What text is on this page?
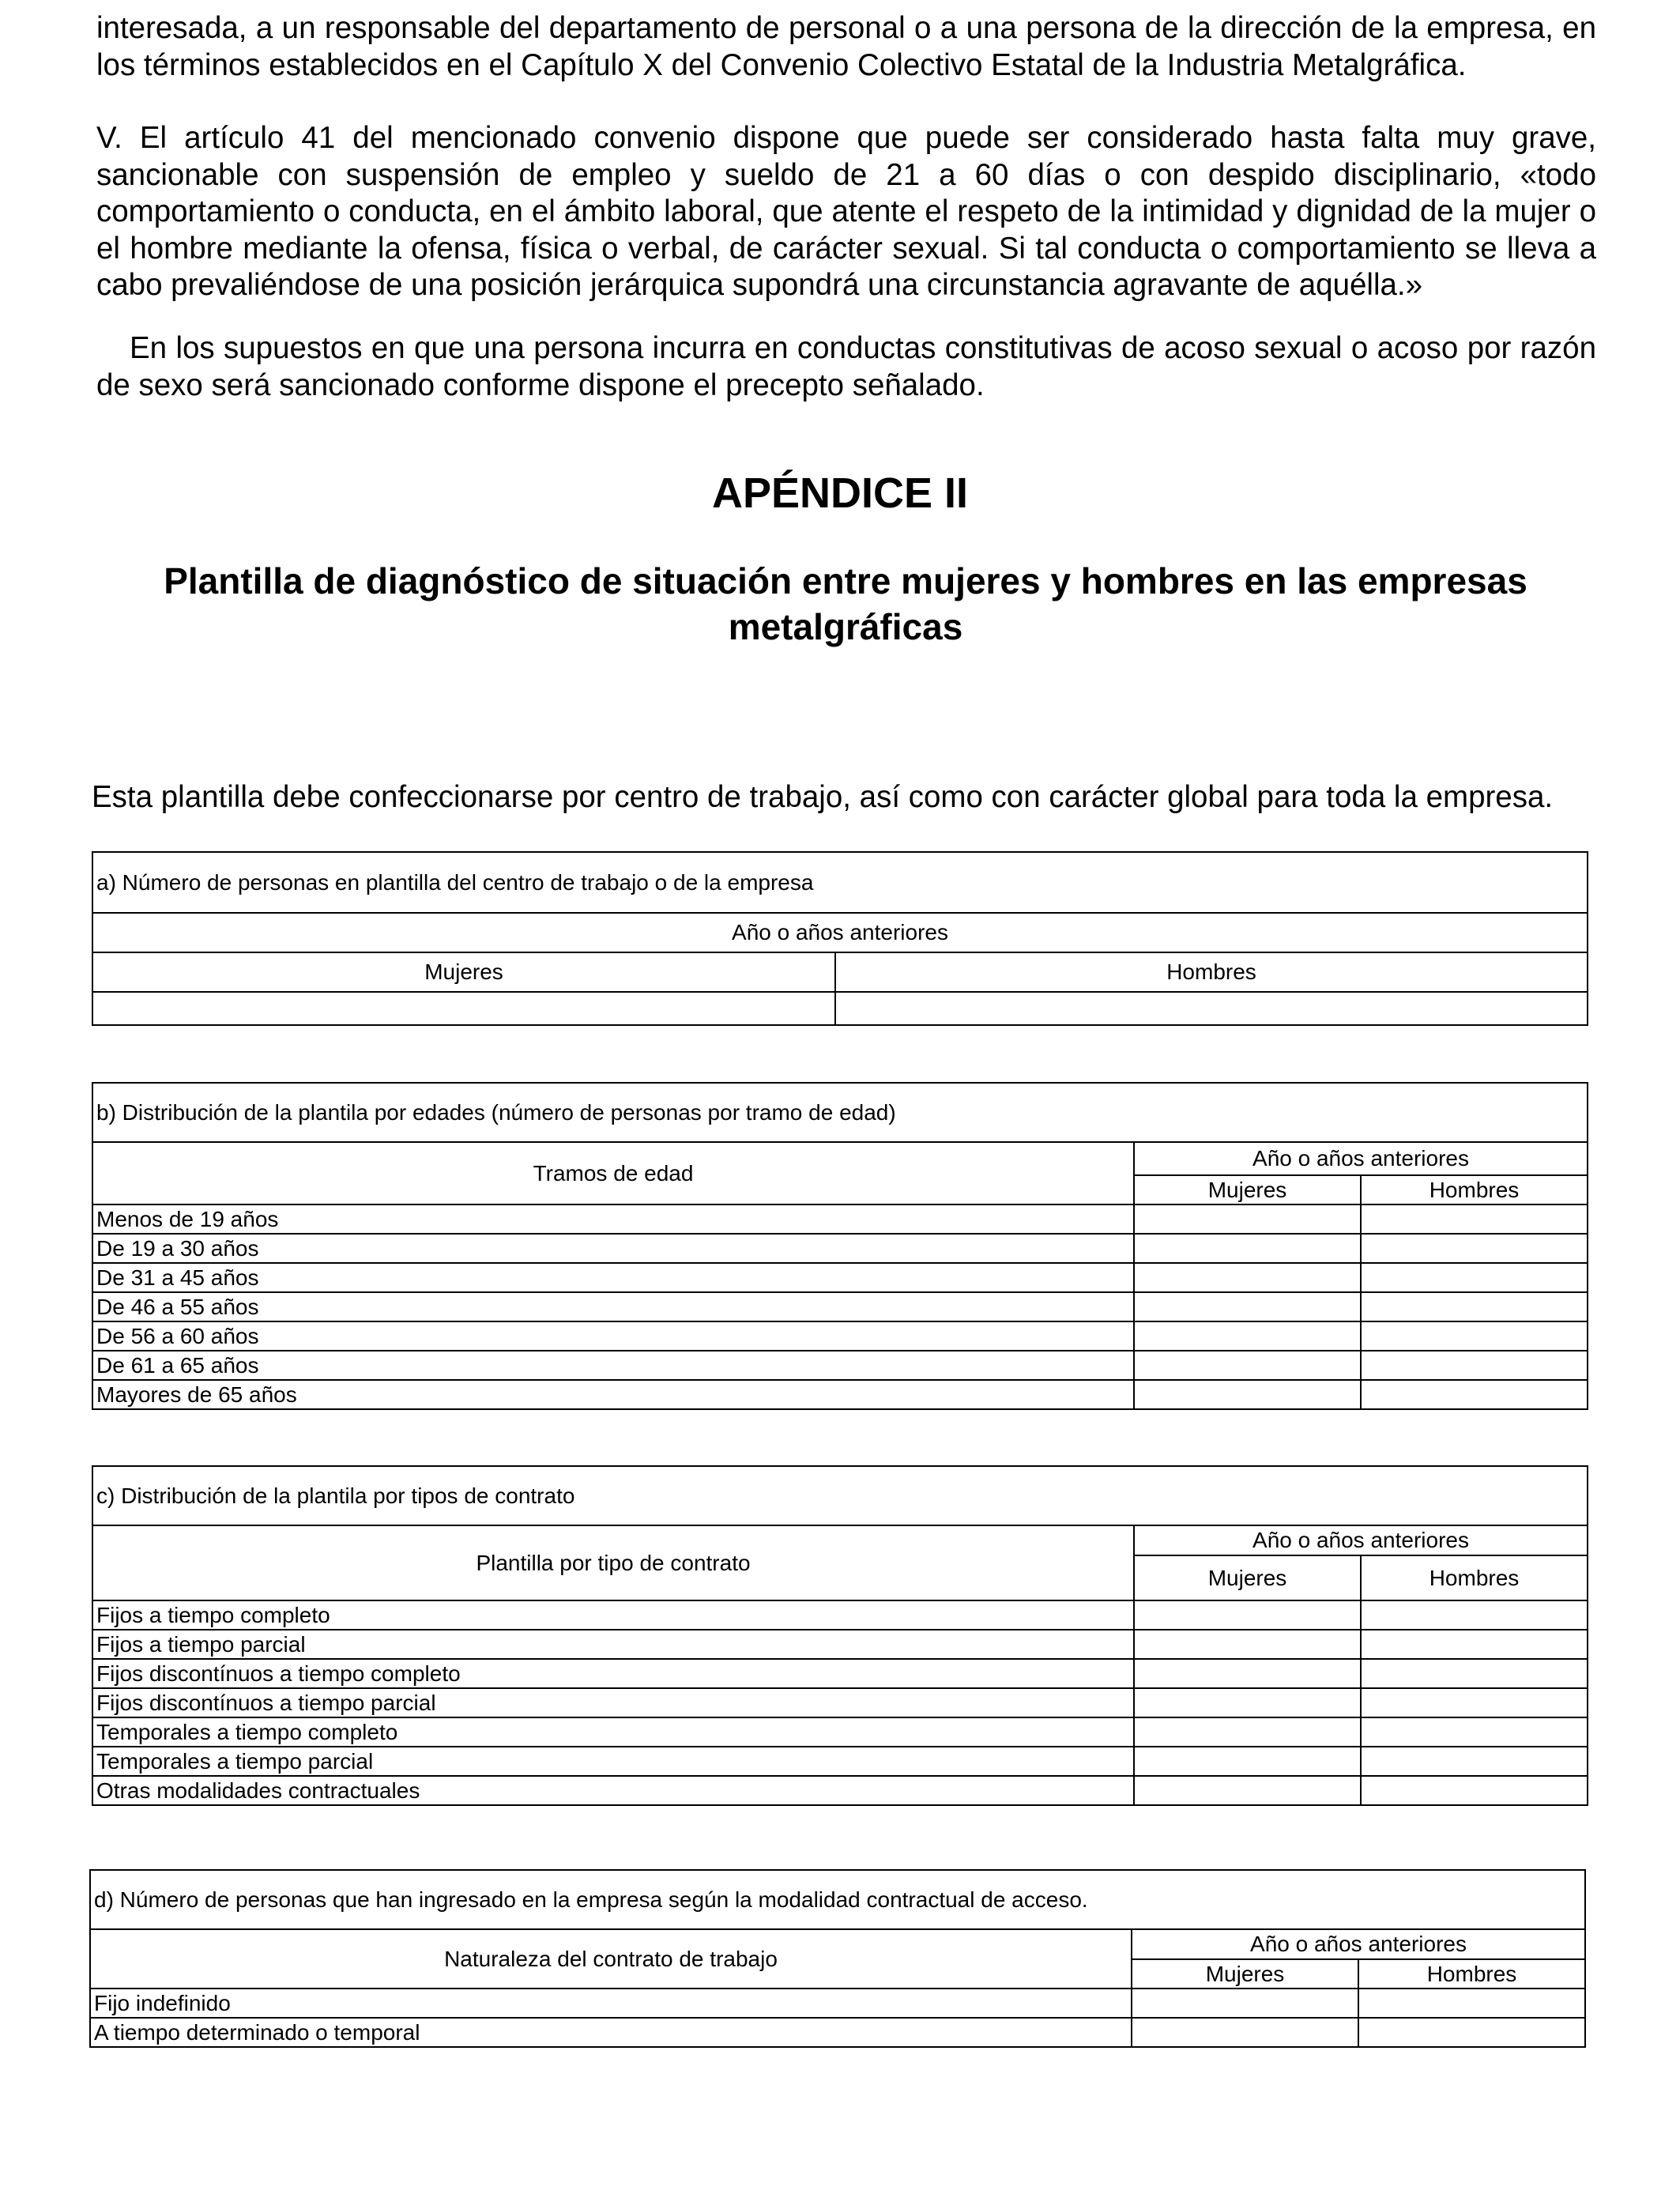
interesada, a un responsable del departamento de personal o a una persona de la dirección de la empresa, en los términos establecidos en el Capítulo X del Convenio Colectivo Estatal de la Industria Metalgráfica.

V. El artículo 41 del mencionado convenio dispone que puede ser considerado hasta falta muy grave, sancionable con suspensión de empleo y sueldo de 21 a 60 días o con despido disciplinario, «todo comportamiento o conducta, en el ámbito laboral, que atente el respeto de la intimidad y dignidad de la mujer o el hombre mediante la ofensa, física o verbal, de carácter sexual. Si tal conducta o comportamiento se lleva a cabo prevaliéndose de una posición jerárquica supondrá una circunstancia agravante de aquélla.»

En los supuestos en que una persona incurra en conductas constitutivas de acoso sexual o acoso por razón de sexo será sancionado conforme dispone el precepto señalado.

APÉNDICE II
Plantilla de diagnóstico de situación entre mujeres y hombres en las empresas metalgráficas

Esta plantilla debe confeccionarse por centro de trabajo, así como con carácter global para toda la empresa.

a) Número de personas en plantilla del centro de trabajo o de la empresa	
Año o años anteriores	
Mujeres	Hombres

b) Distribución de la plantila por edades (número de personas por tramo de edad)		
Tramos de edad	Año o años anteriores	
	Mujeres	Hombres
Menos de 19 años		
De 19 a 30 años		
De 31 a 45 años		
De 46 a 55 años		
De 56 a 60 años		
De 61 a 65 años		
Mayores de 65 años		
c) Distribución de la plantila por tipos de contrato		
Plantilla por tipo de contrato	Año o años anteriores	
	Mujeres	Hombres
Fijos a tiempo completo		
Fijos a tiempo parcial		
Fijos discontínuos a tiempo completo		
Fijos discontínuos a tiempo parcial		
Temporales a tiempo completo		
Temporales a tiempo parcial		
Otras modalidades contractuales		
d) Número de personas que han ingresado en la empresa según la modalidad contractual de acceso.		
Naturaleza del contrato de trabajo	Año o años anteriores	
	Mujeres	Hombres
Fijo indefinido		
A tiempo determinado o temporal		
